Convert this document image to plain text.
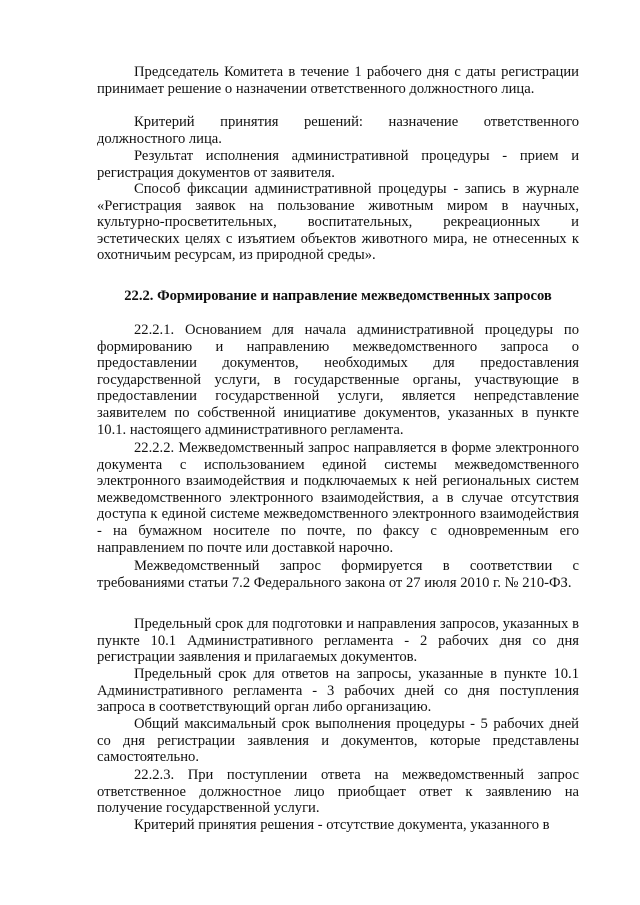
Председатель Комитета в течение 1 рабочего дня с даты регистрации принимает решение о назначении ответственного должностного лица.

Критерий принятия решений: назначение ответственного должностного лица.

Результат исполнения административной процедуры - прием и регистрация документов от заявителя.

Способ фиксации административной процедуры - запись в журнале «Регистрация заявок на пользование животным миром в научных, культурно-просветительных, воспитательных, рекреационных и эстетических целях с изъятием объектов животного мира, не отнесенных к охотничьим ресурсам, из природной среды».

22.2. Формирование и направление межведомственных запросов

22.2.1. Основанием для начала административной процедуры по формированию и направлению межведомственного запроса о предоставлении документов, необходимых для предоставления государственной услуги, в государственные органы, участвующие в предоставлении государственной услуги, является непредставление заявителем по собственной инициативе документов, указанных в пункте 10.1. настоящего административного регламента.

22.2.2. Межведомственный запрос направляется в форме электронного документа с использованием единой системы межведомственного электронного взаимодействия и подключаемых к ней региональных систем межведомственного электронного взаимодействия, а в случае отсутствия доступа к единой системе межведомственного электронного взаимодействия - на бумажном носителе по почте, по факсу с одновременным его направлением по почте или доставкой нарочно.

Межведомственный запрос формируется в соответствии с требованиями статьи 7.2 Федерального закона от 27 июля 2010 г. № 210-ФЗ.

Предельный срок для подготовки и направления запросов, указанных в пункте 10.1 Административного регламента - 2 рабочих дня со дня регистрации заявления и прилагаемых документов.

Предельный срок для ответов на запросы, указанные в пункте 10.1 Административного регламента - 3 рабочих дней со дня поступления запроса в соответствующий орган либо организацию.

Общий максимальный срок выполнения процедуры - 5 рабочих дней со дня регистрации заявления и документов, которые представлены самостоятельно.

22.2.3. При поступлении ответа на межведомственный запрос ответственное должностное лицо приобщает ответ к заявлению на получение государственной услуги.

Критерий принятия решения - отсутствие документа, указанного в
